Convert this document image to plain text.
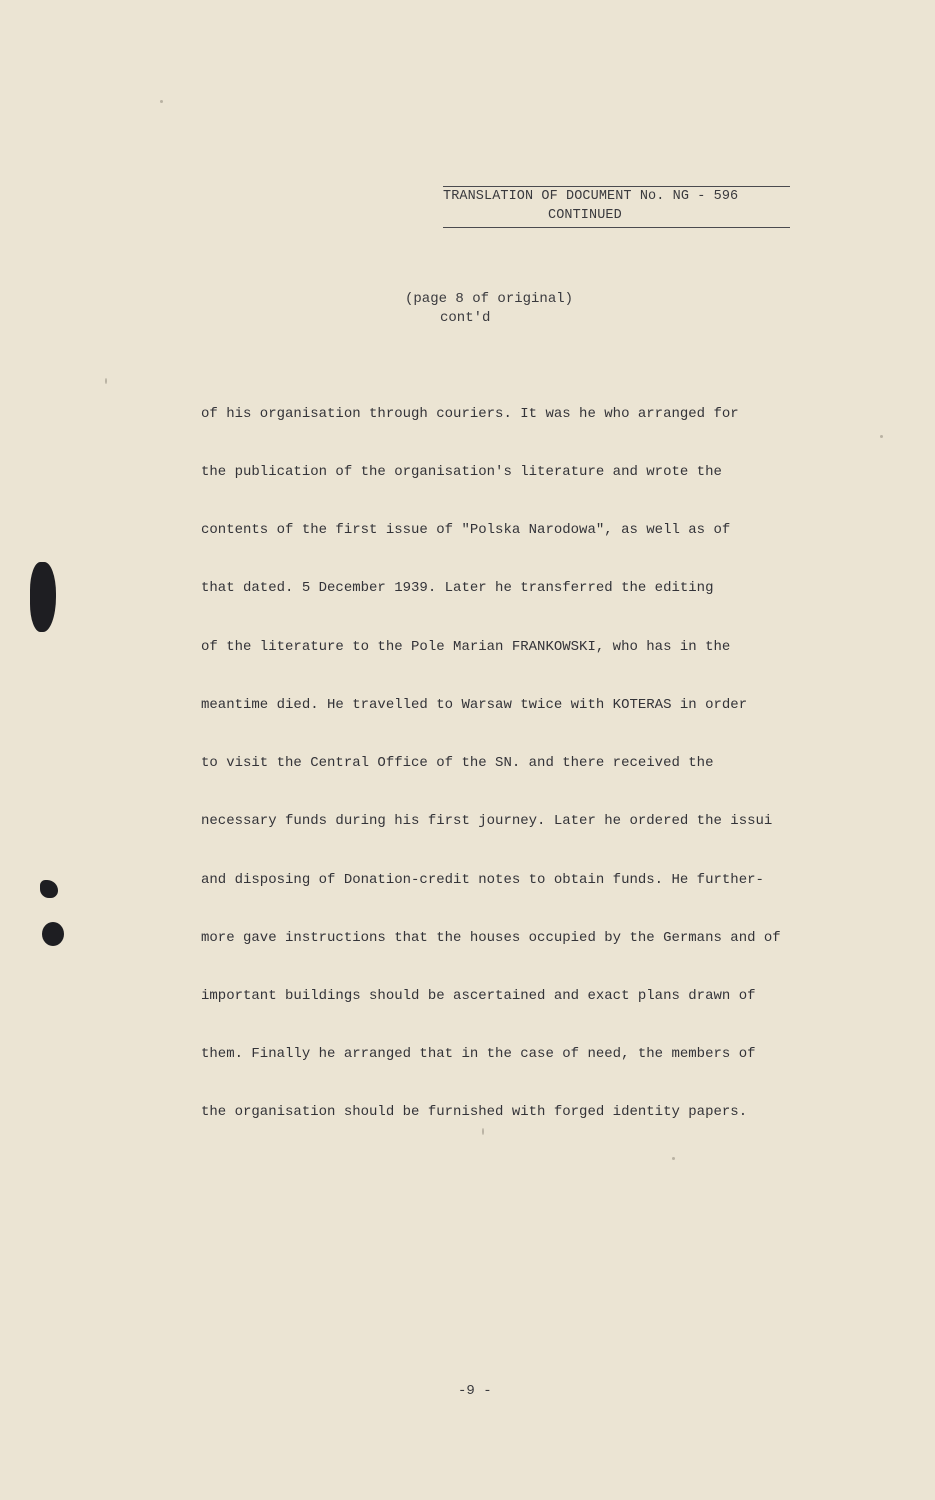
TRANSLATION OF DOCUMENT No. NG - 596
CONTINUED
(page 8 of original)
cont'd

of his organisation through couriers. It was he who arranged for

the publication of the organisation's literature and wrote the

contents of the first issue of "Polska Narodowa", as well as of

that dated. 5 December 1939. Later he transferred the editing

of the literature to the Pole Marian FRANKOWSKI, who has in the

meantime died. He travelled to Warsaw twice with KOTERAS in order

to visit the Central Office of the SN. and there received the

necessary funds during his first journey. Later he ordered the issui

and disposing of Donation-credit notes to obtain funds. He further-

more gave instructions that the houses occupied by the Germans and of

important buildings should be ascertained and exact plans drawn of

them. Finally he arranged that in the case of need, the members of

the organisation should be furnished with forged identity papers.

-9 -
